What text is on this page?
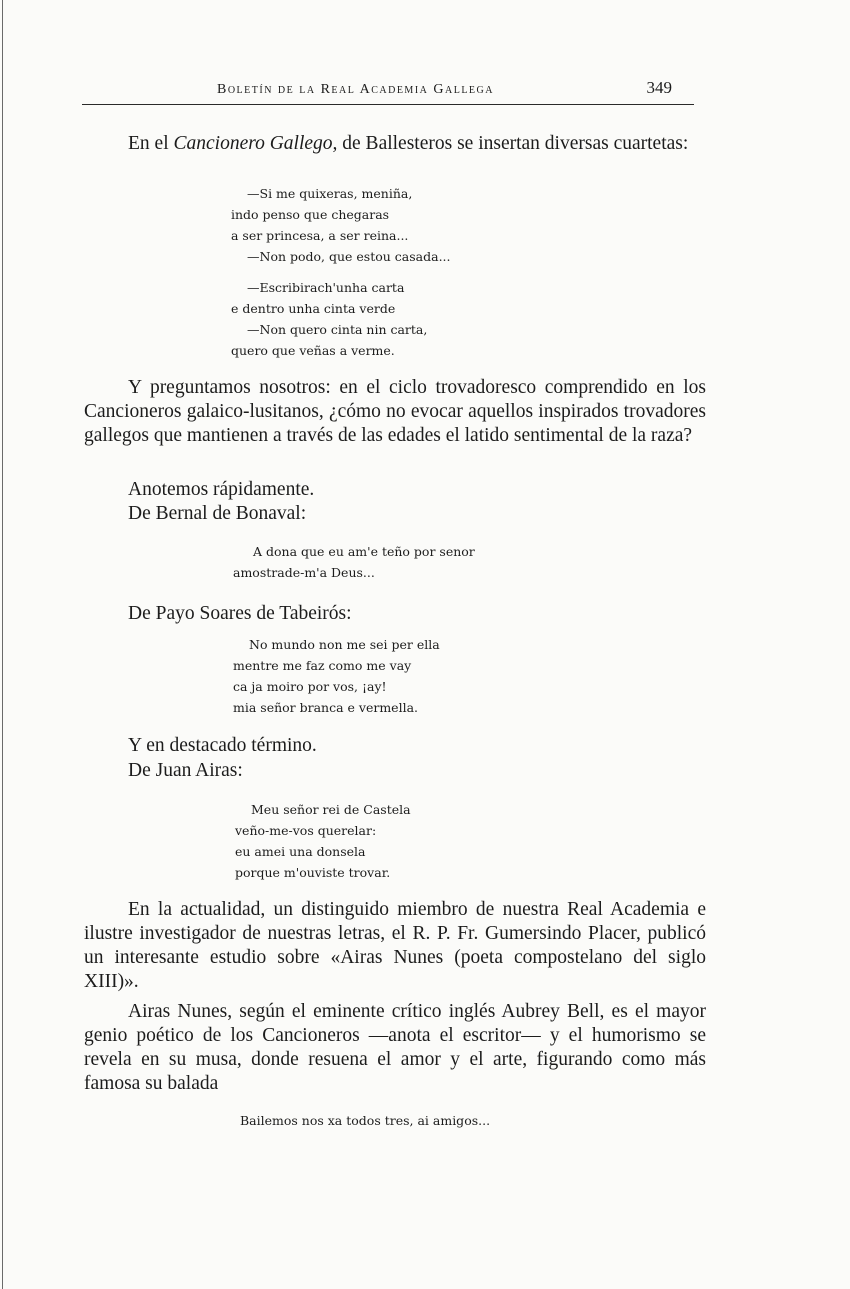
Boletín de la Real Academia Gallega	349

En el Cancionero Gallego, de Ballesteros se insertan diversas cuartetas:

—Si me quixeras, meniña,
indo penso que chegaras
a ser princesa, a ser reina...
—Non podo, que estou casada...
—Escribirach'unha carta
e dentro unha cinta verde
—Non quero cinta nin carta,
quero que veñas a verme.

Y preguntamos nosotros: en el ciclo trovadoresco comprendido en los Cancioneros galaico-lusitanos, ¿cómo no evocar aquellos inspirados trovadores gallegos que mantienen a través de las edades el latido sentimental de la raza?

Anotemos rápidamente.

De Bernal de Bonaval:

A dona que eu am'e teño por senor
amostrade-m'a Deus...

De Payo Soares de Tabeirós:

No mundo non me sei per ella
mentre me faz como me vay
ca ja moiro por vos, ¡ay!
mia señor branca e vermella.

Y en destacado término.

De Juan Airas:

Meu señor rei de Castela
veño-me-vos querelar:
eu amei una donsela
porque m'ouviste trovar.

En la actualidad, un distinguido miembro de nuestra Real Academia e ilustre investigador de nuestras letras, el R. P. Fr. Gumersindo Placer, publicó un interesante estudio sobre «Airas Nunes (poeta compostelano del siglo XIII)».

Airas Nunes, según el eminente crítico inglés Aubrey Bell, es el mayor genio poético de los Cancioneros —anota el escritor— y el humorismo se revela en su musa, donde resuena el amor y el arte, figurando como más famosa su balada

Bailemos nos xa todos tres, ai amigos...
